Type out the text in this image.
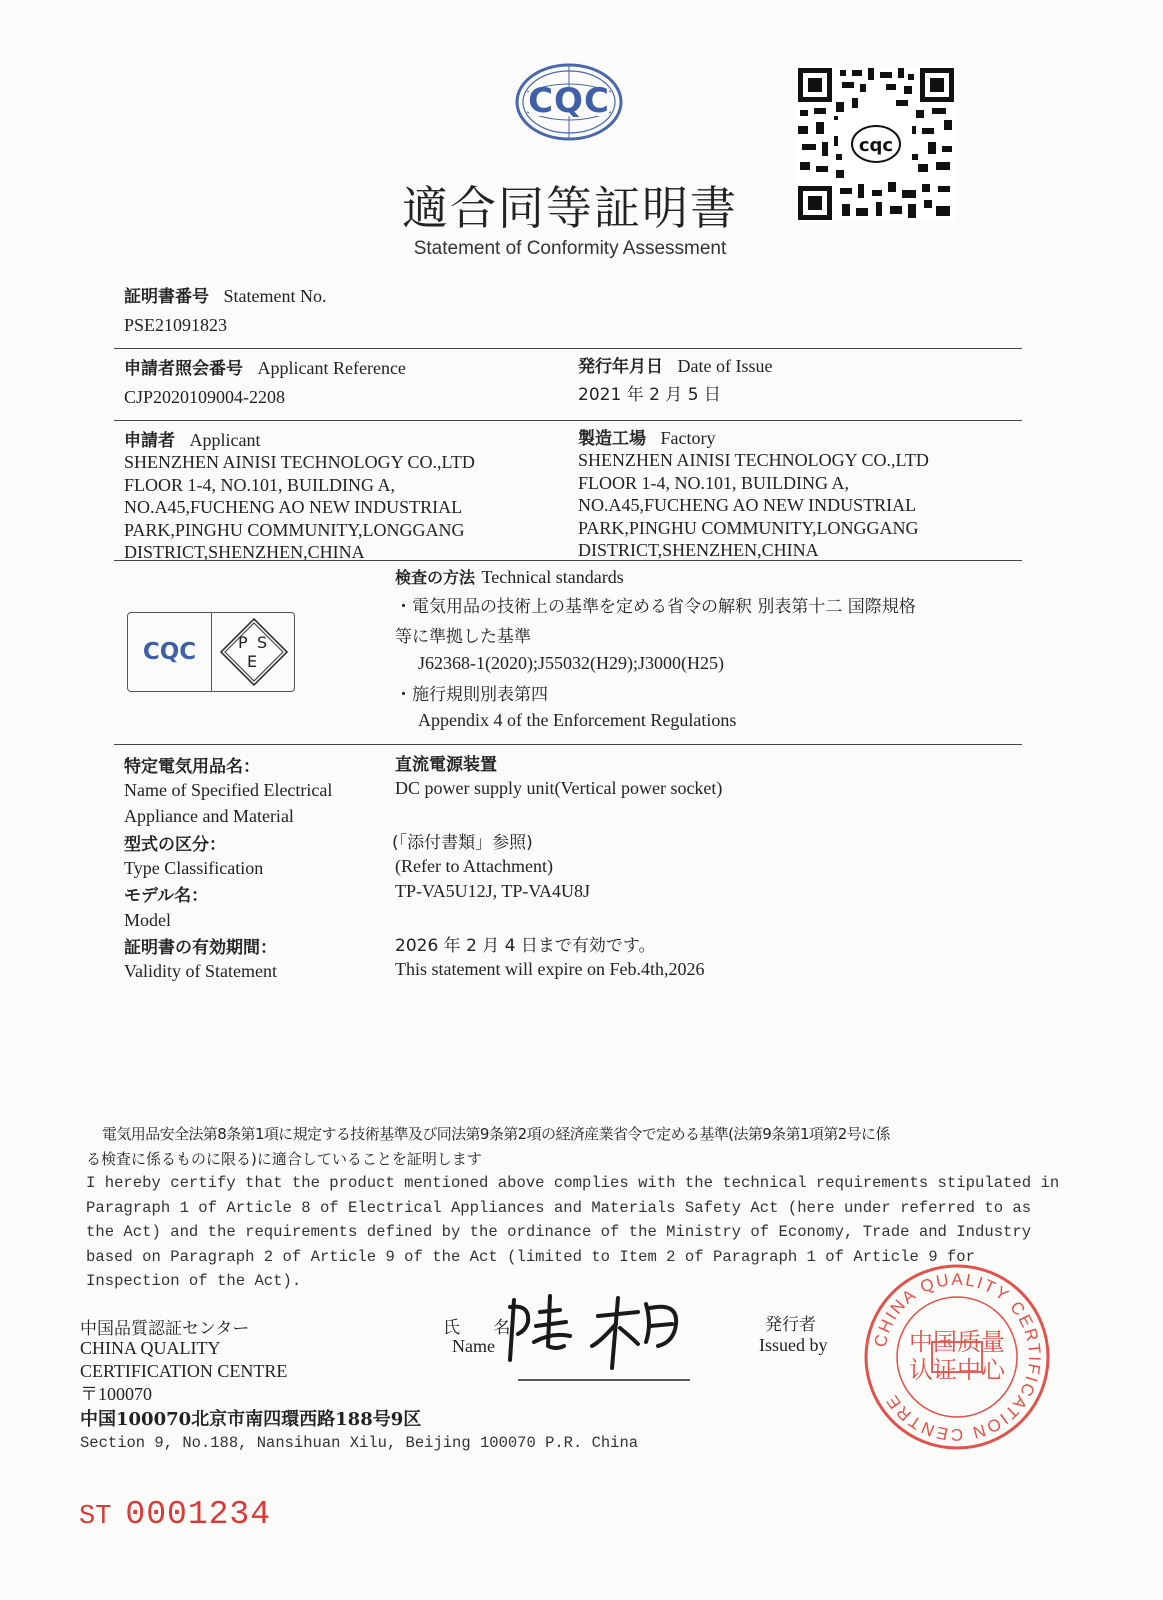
CQC
cqc
適合同等証明書
Statement of Conformity Assessment
証明書番号 Statement No.
PSE21091823
申請者照会番号 Applicant Reference
CJP2020109004-2208
発行年月日 Date of Issue
2021 年 2 月 5 日
申請者 Applicant
SHENZHEN AINISI TECHNOLOGY CO.,LTD
FLOOR 1-4, NO.101, BUILDING A,
NO.A45,FUCHENG AO NEW INDUSTRIAL
PARK,PINGHU COMMUNITY,LONGGANG
DISTRICT,SHENZHEN,CHINA
製造工場 Factory
SHENZHEN AINISI TECHNOLOGY CO.,LTD
FLOOR 1-4, NO.101, BUILDING A,
NO.A45,FUCHENG AO NEW INDUSTRIAL
PARK,PINGHU COMMUNITY,LONGGANG
DISTRICT,SHENZHEN,CHINA
CQC	P S
E
検査の方法 Technical standards
・電気用品の技術上の基準を定める省令の解釈 別表第十二 国際規格
等に準拠した基準
J62368-1(2020);J55032(H29);J3000(H25)
・施行規則別表第四
Appendix 4 of the Enforcement Regulations
特定電気用品名：
Name of Specified Electrical
Appliance and Material
直流電源装置
DC power supply unit(Vertical power socket)
型式の区分：
Type Classification
(「添付書類」参照)
(Refer to Attachment)
モデル名：
Model
TP-VA5U12J, TP-VA4U8J
証明書の有効期間：
Validity of Statement
2026 年 2 月 4 日まで有効です。
This statement will expire on Feb.4th,2026
電気用品安全法第8条第1項に規定する技術基準及び同法第9条第2項の経済産業省令で定める基準(法第9条第1項第2号に係
る検査に係るものに限る)に適合していることを証明します
I hereby certify that the product mentioned above complies with the technical requirements stipulated in
Paragraph 1 of Article 8 of Electrical Appliances and Materials Safety Act (here under referred to as
the Act) and the requirements defined by the ordinance of the Ministry of Economy, Trade and Industry
based on Paragraph 2 of Article 9 of the Act (limited to Item 2 of Paragraph 1 of Article 9 for
Inspection of the Act).
中国品質認証センター
CHINA QUALITY
CERTIFICATION CENTRE
〒100070
中国100070北京市南四環西路188号9区
Section 9, No.188, Nansihuan Xilu, Beijing 100070 P.R. China
氏 名
Name
発行者
Issued by	CHINA QUALITY CERTIFICATION CENTRE
中国质量认证中心
ST 0001234
